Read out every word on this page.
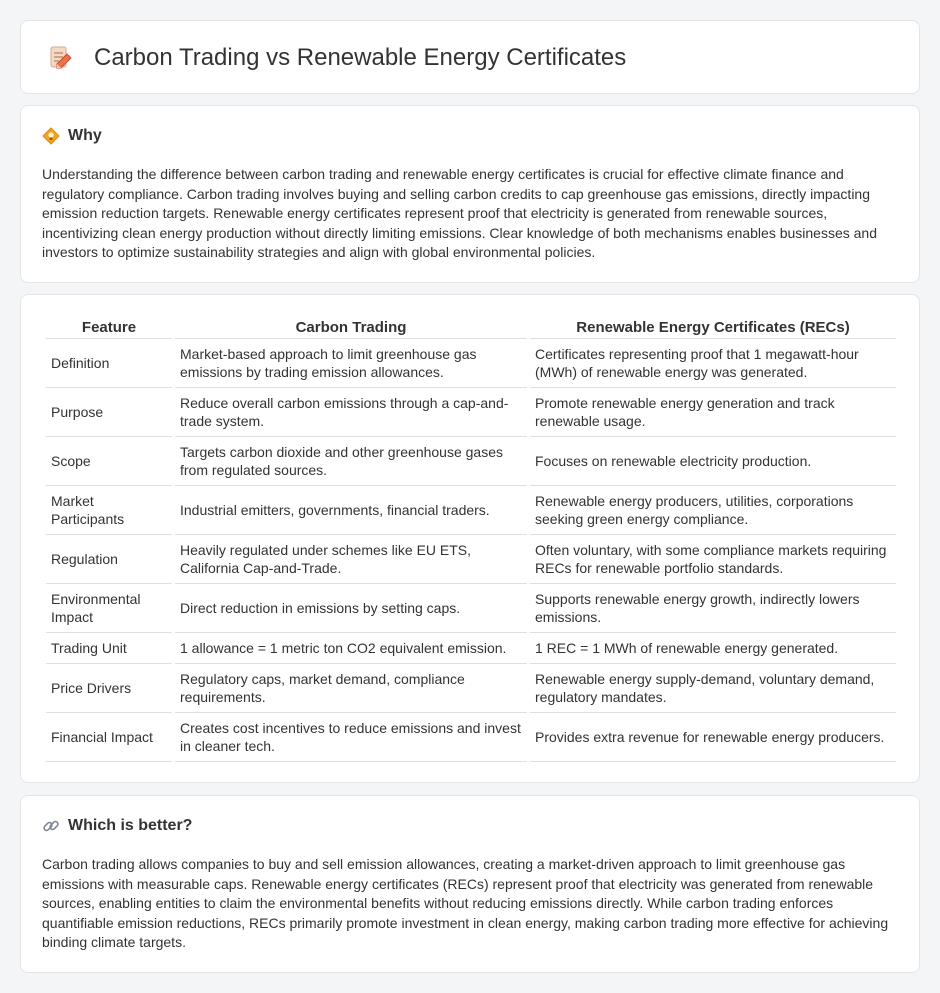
Carbon Trading vs Renewable Energy Certificates
Why

Understanding the difference between carbon trading and renewable energy certificates is crucial for effective climate finance and regulatory compliance. Carbon trading involves buying and selling carbon credits to cap greenhouse gas emissions, directly impacting emission reduction targets. Renewable energy certificates represent proof that electricity is generated from renewable sources, incentivizing clean energy production without directly limiting emissions. Clear knowledge of both mechanisms enables businesses and investors to optimize sustainability strategies and align with global environmental policies.

Feature	Carbon Trading	Renewable Energy Certificates (RECs)
Definition	Market-based approach to limit greenhouse gas emissions by trading emission allowances.	Certificates representing proof that 1 megawatt-hour (MWh) of renewable energy was generated.
Purpose	Reduce overall carbon emissions through a cap-and-trade system.	Promote renewable energy generation and track renewable usage.
Scope	Targets carbon dioxide and other greenhouse gases from regulated sources.	Focuses on renewable electricity production.
Market Participants	Industrial emitters, governments, financial traders.	Renewable energy producers, utilities, corporations seeking green energy compliance.
Regulation	Heavily regulated under schemes like EU ETS, California Cap-and-Trade.	Often voluntary, with some compliance markets requiring RECs for renewable portfolio standards.
Environmental Impact	Direct reduction in emissions by setting caps.	Supports renewable energy growth, indirectly lowers emissions.
Trading Unit	1 allowance = 1 metric ton CO2 equivalent emission.	1 REC = 1 MWh of renewable energy generated.
Price Drivers	Regulatory caps, market demand, compliance requirements.	Renewable energy supply-demand, voluntary demand, regulatory mandates.
Financial Impact	Creates cost incentives to reduce emissions and invest in cleaner tech.	Provides extra revenue for renewable energy producers.
Which is better?

Carbon trading allows companies to buy and sell emission allowances, creating a market-driven approach to limit greenhouse gas emissions with measurable caps. Renewable energy certificates (RECs) represent proof that electricity was generated from renewable sources, enabling entities to claim the environmental benefits without reducing emissions directly. While carbon trading enforces quantifiable emission reductions, RECs primarily promote investment in clean energy, making carbon trading more effective for achieving binding climate targets.
